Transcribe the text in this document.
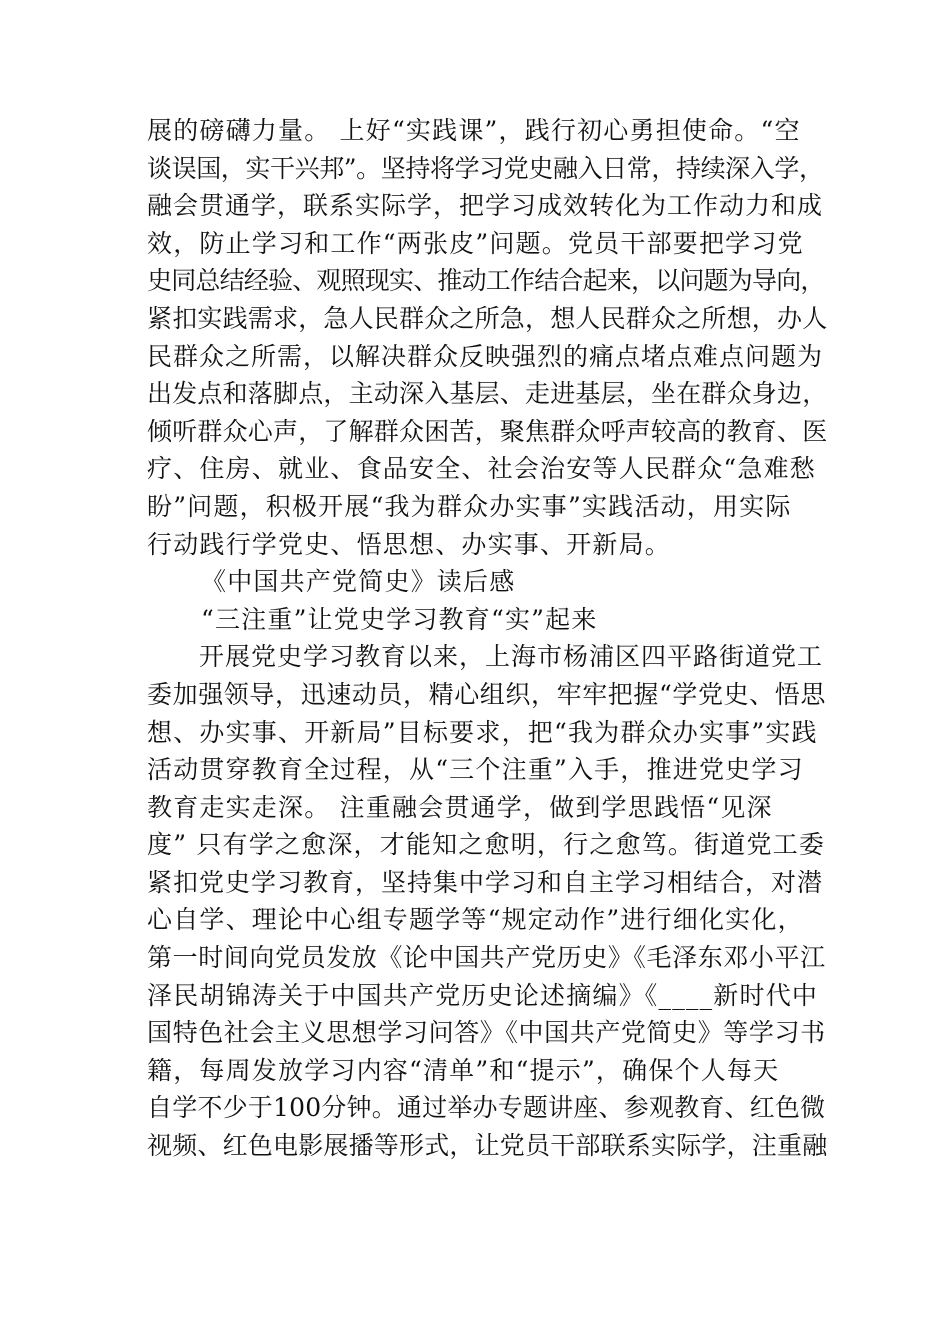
展的磅礴力量。 上好“实践课”，践行初心勇担使命。“空
谈误国，实干兴邦”。坚持将学习党史融入日常，持续深入学，
融会贯通学，联系实际学，把学习成效转化为工作动力和成
效，防止学习和工作“两张皮”问题。党员干部要把学习党
史同总结经验、观照现实、推动工作结合起来，以问题为导向，
紧扣实践需求，急人民群众之所急，想人民群众之所想，办人
民群众之所需，以解决群众反映强烈的痛点堵点难点问题为
出发点和落脚点，主动深入基层、走进基层，坐在群众身边，
倾听群众心声，了解群众困苦，聚焦群众呼声较高的教育、医
疗、住房、就业、食品安全、社会治安等人民群众“急难愁
盼”问题，积极开展“我为群众办实事”实践活动，用实际
行动践行学党史、悟思想、办实事、开新局。
《中国共产党简史》读后感
“三注重”让党史学习教育“实”起来
开展党史学习教育以来，上海市杨浦区四平路街道党工
委加强领导，迅速动员，精心组织，牢牢把握“学党史、悟思
想、办实事、开新局”目标要求，把“我为群众办实事”实践
活动贯穿教育全过程，从“三个注重”入手，推进党史学习
教育走实走深。 注重融会贯通学，做到学思践悟“见深
度” 只有学之愈深，才能知之愈明，行之愈笃。街道党工委
紧扣党史学习教育，坚持集中学习和自主学习相结合，对潜
心自学、理论中心组专题学等“规定动作”进行细化实化，
第一时间向党员发放《论中国共产党历史》《毛泽东邓小平江
泽民胡锦涛关于中国共产党历史论述摘编》《____新时代中
国特色社会主义思想学习问答》《中国共产党简史》等学习书
籍，每周发放学习内容“清单”和“提示”，确保个人每天
自学不少于100分钟。通过举办专题讲座、参观教育、红色微
视频、红色电影展播等形式，让党员干部联系实际学，注重融
